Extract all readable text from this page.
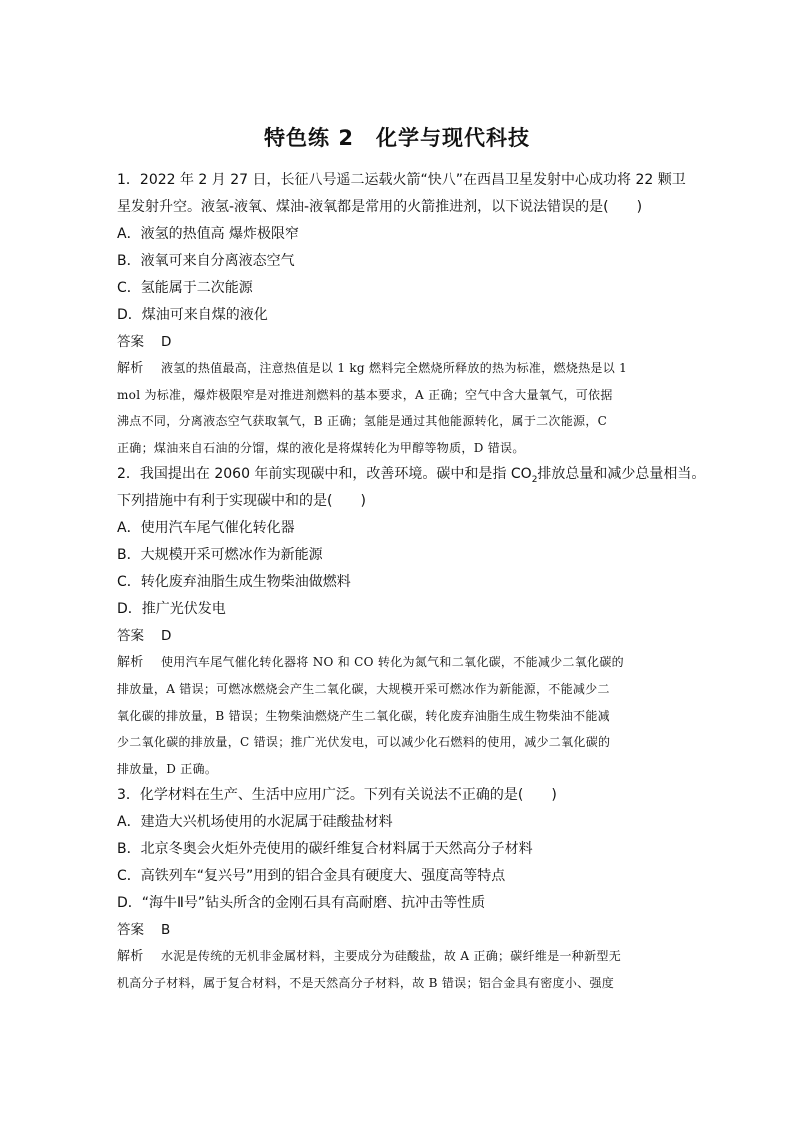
特色练 2 化学与现代科技
1．2022 年 2 月 27 日，长征八号遥二运载火箭“快八”在西昌卫星发射中心成功将 22 颗卫
星发射升空。液氢-液氧、煤油-液氧都是常用的火箭推进剂，以下说法错误的是(　　)
A．液氢的热值高 爆炸极限窄
B．液氧可来自分离液态空气
C．氢能属于二次能源
D．煤油可来自煤的液化
答案 D
解析 液氢的热值最高，注意热值是以 1 kg 燃料完全燃烧所释放的热为标准，燃烧热是以 1
mol 为标准，爆炸极限窄是对推进剂燃料的基本要求，A 正确；空气中含大量氧气，可依据
沸点不同，分离液态空气获取氧气，B 正确；氢能是通过其他能源转化，属于二次能源，C
正确；煤油来自石油的分馏，煤的液化是将煤转化为甲醇等物质，D 错误。
2．我国提出在 2060 年前实现碳中和，改善环境。碳中和是指 $CO_2$排放总量和减少总量相当。
下列措施中有利于实现碳中和的是(　　)
A．使用汽车尾气催化转化器
B．大规模开采可燃冰作为新能源
C．转化废弃油脂生成生物柴油做燃料
D．推广光伏发电
答案 D
解析 使用汽车尾气催化转化器将 NO 和 CO 转化为氮气和二氧化碳，不能减少二氧化碳的
排放量，A 错误；可燃冰燃烧会产生二氧化碳，大规模开采可燃冰作为新能源，不能减少二
氧化碳的排放量，B 错误；生物柴油燃烧产生二氧化碳，转化废弃油脂生成生物柴油不能减
少二氧化碳的排放量，C 错误；推广光伏发电，可以减少化石燃料的使用，减少二氧化碳的
排放量，D 正确。
3．化学材料在生产、生活中应用广泛。下列有关说法不正确的是(　　)
A．建造大兴机场使用的水泥属于硅酸盐材料
B．北京冬奥会火炬外壳使用的碳纤维复合材料属于天然高分子材料
C．高铁列车“复兴号”用到的铝合金具有硬度大、强度高等特点
D．“海牛Ⅱ号”钻头所含的金刚石具有高耐磨、抗冲击等性质
答案 B
解析 水泥是传统的无机非金属材料，主要成分为硅酸盐，故 A 正确；碳纤维是一种新型无
机高分子材料，属于复合材料，不是天然高分子材料，故 B 错误；铝合金具有密度小、强度
